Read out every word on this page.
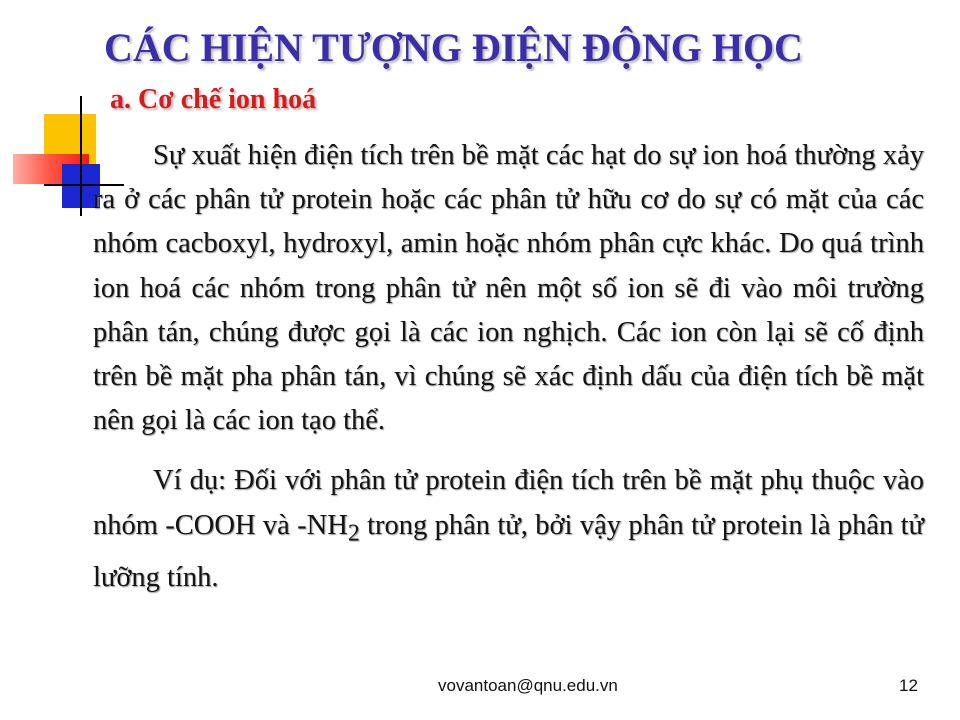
CÁC HIỆN TƯỢNG ĐIỆN ĐỘNG HỌC
a. Cơ chế ion hoá

Sự xuất hiện điện tích trên bề mặt các hạt do sự ion hoá thường xảy ra ở các phân tử protein hoặc các phân tử hữu cơ do sự có mặt của các nhóm cacboxyl, hydroxyl, amin hoặc nhóm phân cực khác. Do quá trình ion hoá các nhóm trong phân tử nên một số ion sẽ đi vào môi trường phân tán, chúng được gọi là các ion nghịch. Các ion còn lại sẽ cố định trên bề mặt pha phân tán, vì chúng sẽ xác định dấu của điện tích bề mặt nên gọi là các ion tạo thể.

Ví dụ: Đối với phân tử protein điện tích trên bề mặt phụ thuộc vào nhóm -COOH và $-NH_2$ trong phân tử, bởi vậy phân tử protein là phân tử lưỡng tính.

vovantoan@qnu.edu.vn	12
